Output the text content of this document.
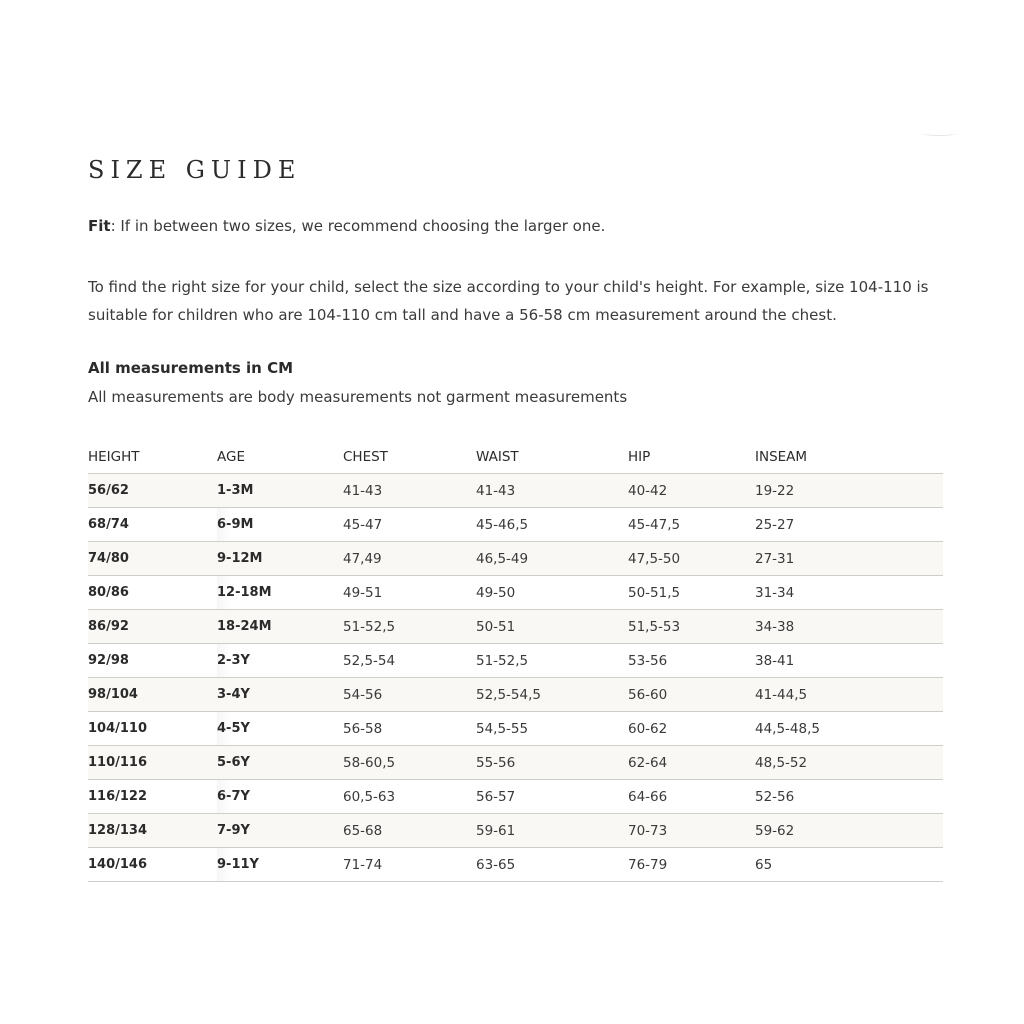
SIZE GUIDE
Fit: If in between two sizes, we recommend choosing the larger one.

To find the right size for your child, select the size according to your child's height. For example, size 104-110 is suitable for children who are 104-110 cm tall and have a 56-58 cm measurement around the chest.

All measurements in CM
All measurements are body measurements not garment measurements
HEIGHT	AGE	CHEST	WAIST	HIP	INSEAM
56/62	1-3M	41-43	41-43	40-42	19-22
68/74	6-9M	45-47	45-46,5	45-47,5	25-27
74/80	9-12M	47,49	46,5-49	47,5-50	27-31
80/86	12-18M	49-51	49-50	50-51,5	31-34
86/92	18-24M	51-52,5	50-51	51,5-53	34-38
92/98	2-3Y	52,5-54	51-52,5	53-56	38-41
98/104	3-4Y	54-56	52,5-54,5	56-60	41-44,5
104/110	4-5Y	56-58	54,5-55	60-62	44,5-48,5
110/116	5-6Y	58-60,5	55-56	62-64	48,5-52
116/122	6-7Y	60,5-63	56-57	64-66	52-56
128/134	7-9Y	65-68	59-61	70-73	59-62
140/146	9-11Y	71-74	63-65	76-79	65
